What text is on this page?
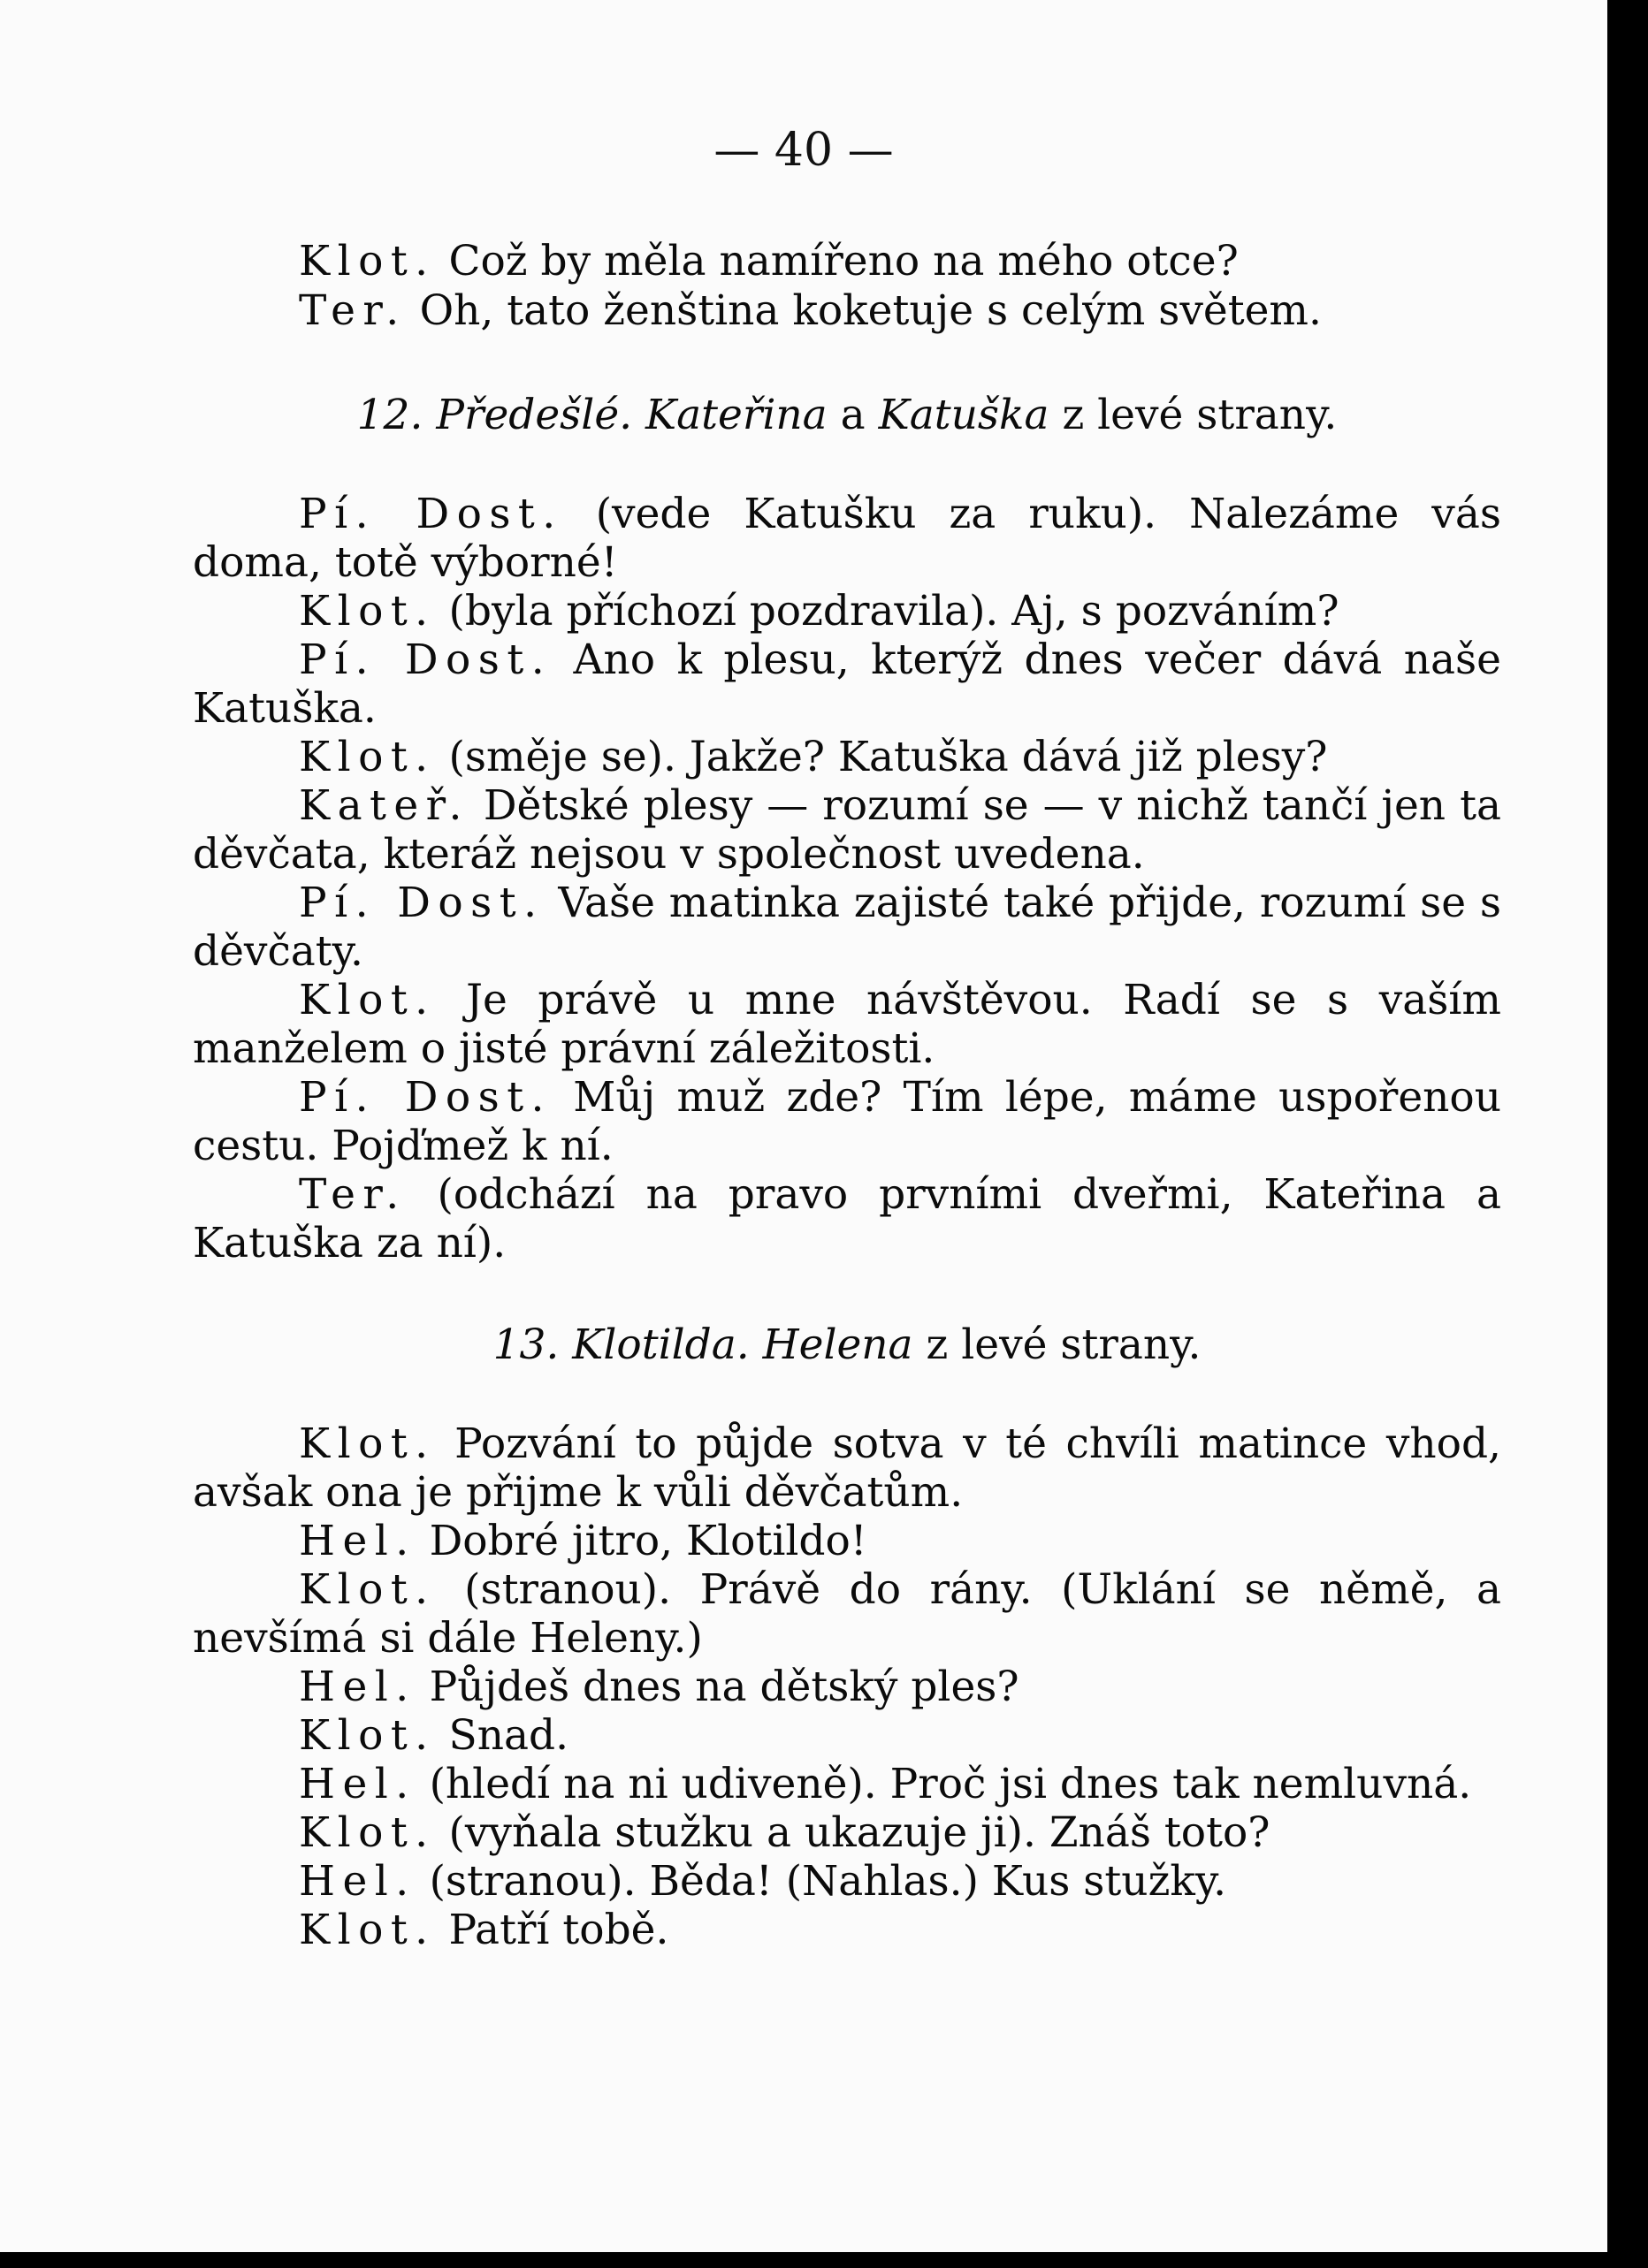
— 40 —

Klot. Což by měla namířeno na mého otce?

Ter. Oh, tato ženština koketuje s celým světem.

12. Předešlé. Kateřina a Katuška z levé strany.

Pí. Dost. (vede Katušku za ruku). Nalezáme vás doma, totě výborné!

Klot. (byla příchozí pozdravila). Aj, s pozváním?

Pí. Dost. Ano k plesu, kterýž dnes večer dává naše Katuška.

Klot. (směje se). Jakže? Katuška dává již plesy?

Kateř. Dětské plesy — rozumí se — v nichž tančí jen ta děvčata, kteráž nejsou v společnost uvedena.

Pí. Dost. Vaše matinka zajisté také přijde, rozumí se s děvčaty.

Klot. Je právě u mne návštěvou. Radí se s vaším manželem o jisté právní záležitosti.

Pí. Dost. Můj muž zde? Tím lépe, máme uspořenou cestu. Pojďmež k ní.

Ter. (odchází na pravo prvními dveřmi, Kateřina a Katuška za ní).

13. Klotilda. Helena z levé strany.

Klot. Pozvání to půjde sotva v té chvíli matince vhod, avšak ona je přijme k vůli děvčatům.

Hel. Dobré jitro, Klotildo!

Klot. (stranou). Právě do rány. (Uklání se němě, a nevšímá si dále Heleny.)

Hel. Půjdeš dnes na dětský ples?

Klot. Snad.

Hel. (hledí na ni udiveně). Proč jsi dnes tak nemluvná.

Klot. (vyňala stužku a ukazuje ji). Znáš toto?

Hel. (stranou). Běda! (Nahlas.) Kus stužky.

Klot. Patří tobě.
